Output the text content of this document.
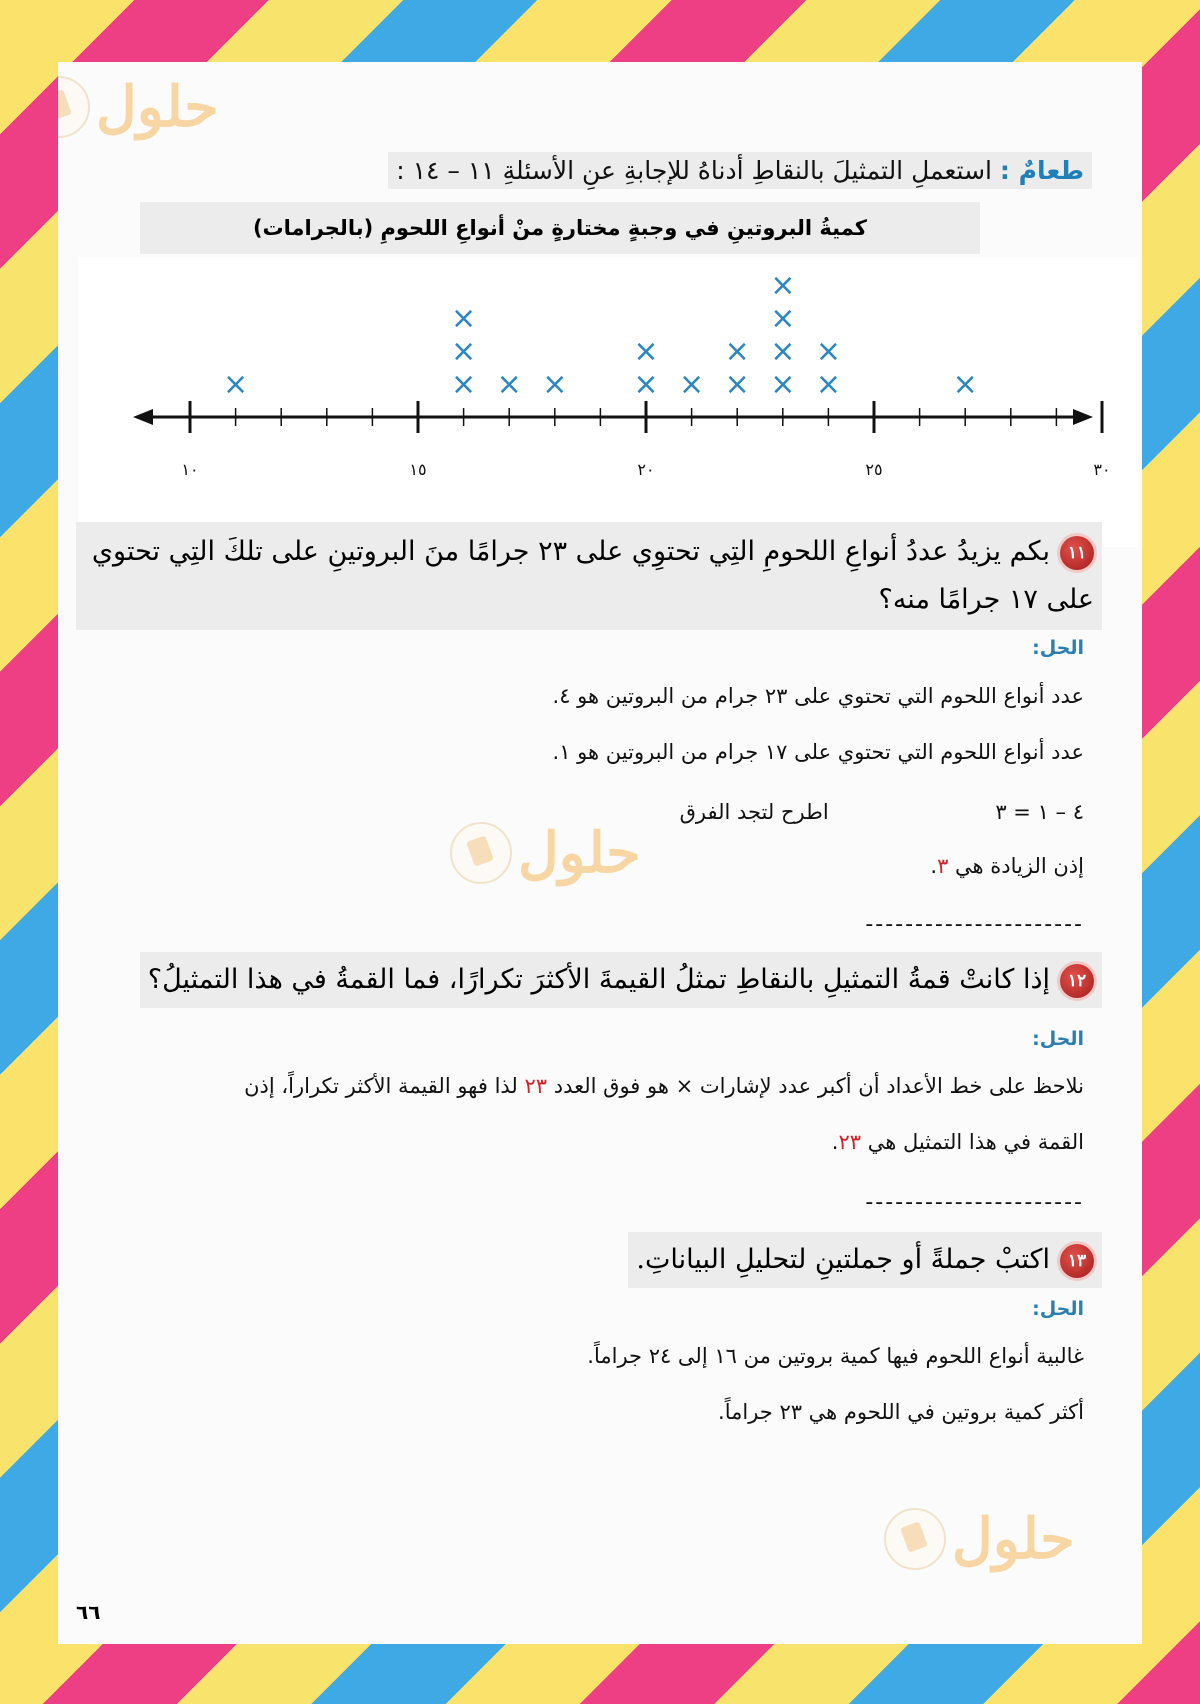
حلول
حلول
حلول
طعامٌ : استعملِ التمثيلَ بالنقاطِ أدناهُ للإجابةِ عنِ الأسئلةِ ١١ – ١٤ :
كميةُ البروتينِ في وجبةٍ مختارةٍ منْ أنواعِ اللحومِ (بالجرامات)
١٠	١٥	٢٠	٢٥	٣٠
×	×
×
×
× × ×
×
× ×
×
×
×
×
×
×
×
×
١١بكم يزيدُ عددُ أنواعِ اللحومِ التِي تحتوِي على ٢٣ جرامًا منَ البروتينِ على تلكَ التِي تحتوي على ١٧ جرامًا منه؟
الحل:
عدد أنواع اللحوم التي تحتوي على ٢٣ جرام من البروتين هو ٤.
عدد أنواع اللحوم التي تحتوي على ١٧ جرام من البروتين هو ١.
٤ – ١ = ٣ اطرح لتجد الفرق
إذن الزيادة هي ٣.
----------------------
١٢إذا كانتْ قمةُ التمثيلِ بالنقاطِ تمثلُ القيمةَ الأكثرَ تكرارًا، فما القمةُ في هذا التمثيلُ؟
الحل:
نلاحظ على خط الأعداد أن أكبر عدد لإشارات × هو فوق العدد ٢٣ لذا فهو القيمة الأكثر تكراراً، إذن
القمة في هذا التمثيل هي ٢٣.
----------------------
١٣اكتبْ جملةً أو جملتينِ لتحليلِ البياناتِ.
الحل:
غالبية أنواع اللحوم فيها كمية بروتين من ١٦ إلى ٢٤ جراماً.
أكثر كمية بروتين في اللحوم هي ٢٣ جراماً.
٦٦
